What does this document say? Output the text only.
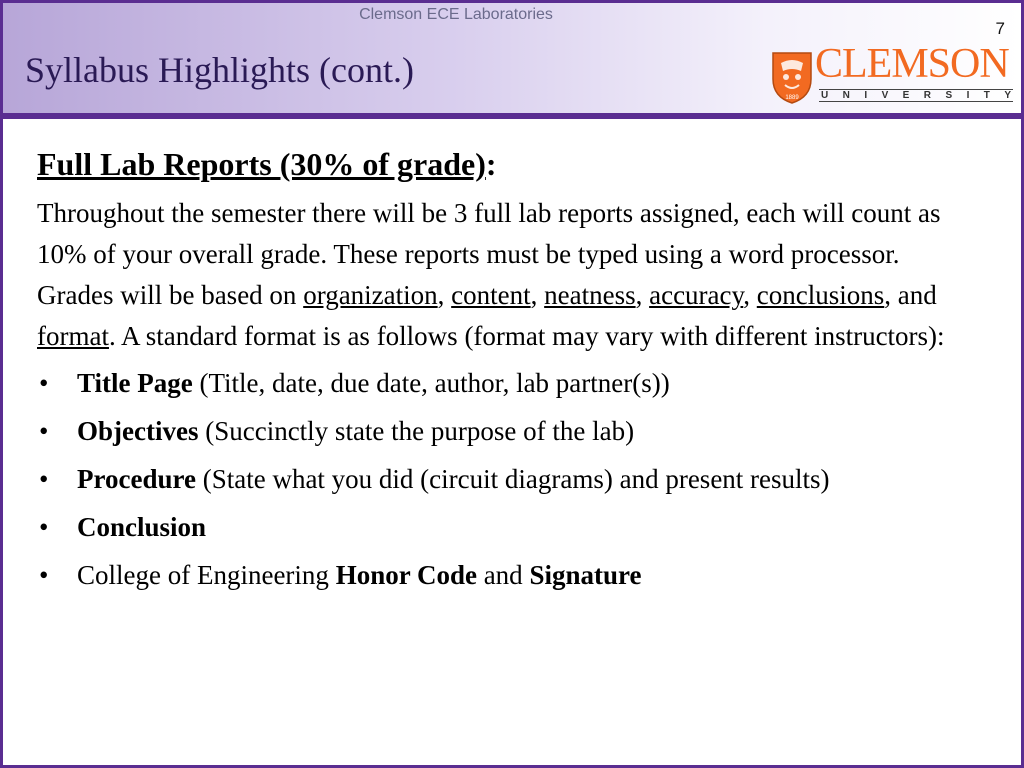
Clemson ECE Laboratories
7
Syllabus Highlights (cont.)
1889
CLEMSON
U N I V E R S I T Y

Full Lab Reports (30% of grade):

Throughout the semester there will be 3 full lab reports assigned, each will count as 10% of your overall grade. These reports must be typed using a word processor. Grades will be based on organization, content, neatness, accuracy, conclusions, and format. A standard format is as follows (format may vary with different instructors):

• Title Page (Title, date, due date, author, lab partner(s))
• Objectives (Succinctly state the purpose of the lab)
• Procedure (State what you did (circuit diagrams) and present results)
• Conclusion
• College of Engineering Honor Code and Signature
